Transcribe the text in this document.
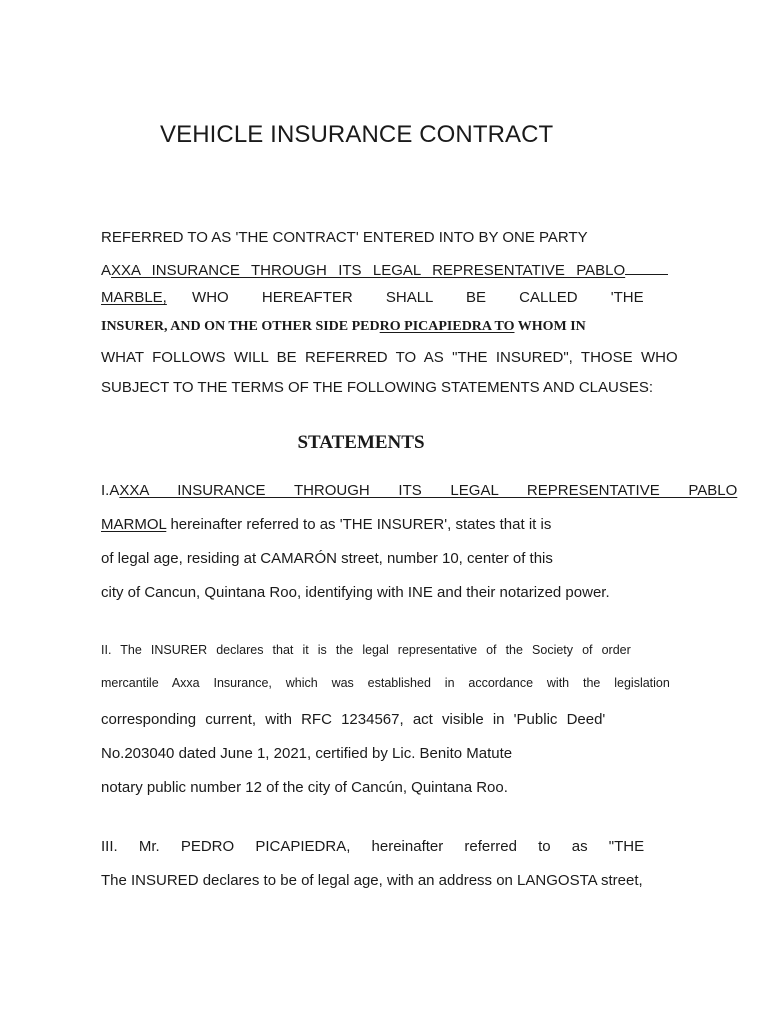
VEHICLE INSURANCE CONTRACT
REFERRED TO AS 'THE CONTRACT' ENTERED INTO BY ONE PARTY
AXXA INSURANCE THROUGH ITS LEGAL REPRESENTATIVE PABLO
MARBLE, WHO HEREAFTER SHALL BE CALLED 'THE
INSURER, AND ON THE OTHER SIDE PEDRO PICAPIEDRA TO WHOM IN
WHAT FOLLOWS WILL BE REFERRED TO AS "THE INSURED", THOSE WHO
SUBJECT TO THE TERMS OF THE FOLLOWING STATEMENTS AND CLAUSES:
STATEMENTS
I.AXXA INSURANCE THROUGH ITS LEGAL REPRESENTATIVE PABLO
MARMOL hereinafter referred to as 'THE INSURER', states that it is
of legal age, residing at CAMARÓN street, number 10, center of this
city of Cancun, Quintana Roo, identifying with INE and their notarized power.
II. The INSURER declares that it is the legal representative of the Society of order
mercantile Axxa Insurance, which was established in accordance with the legislation
corresponding current, with RFC 1234567, act visible in 'Public Deed'
No.203040 dated June 1, 2021, certified by Lic. Benito Matute
notary public number 12 of the city of Cancún, Quintana Roo.
III. Mr. PEDRO PICAPIEDRA, hereinafter referred to as "THE
The INSURED declares to be of legal age, with an address on LANGOSTA street,
